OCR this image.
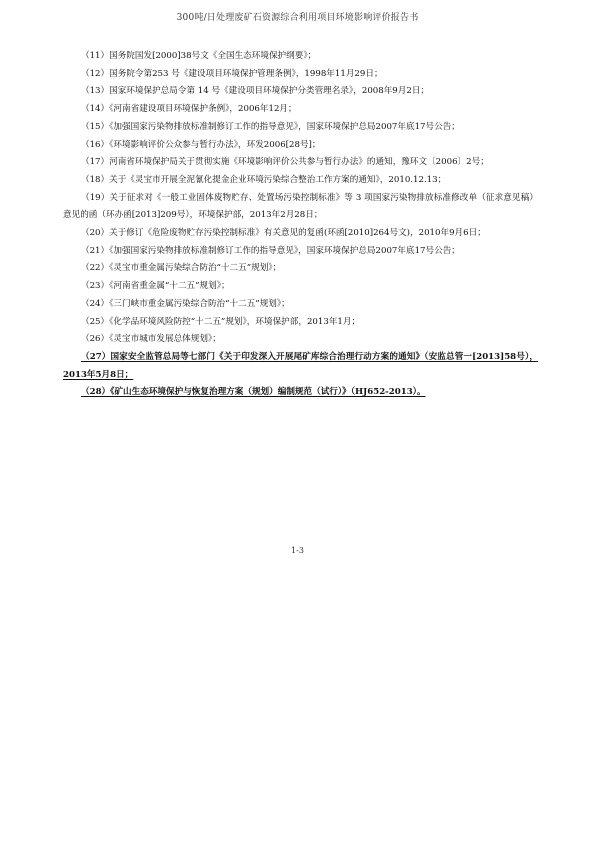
300吨/日处理废矿石资源综合利用项目环境影响评价报告书

（11）国务院国发[2000]38号文《全国生态环境保护纲要》；

（12）国务院令第253 号《建设项目环境保护管理条例》，1998年11月29日；

（13）国家环境保护总局令第 14 号《建设项目环境保护分类管理名录》，2008年9月2日；

（14）《河南省建设项目环境保护条例》，2006年12月；

（15）《加强国家污染物排放标准制修订工作的指导意见》，国家环境保护总局2007年底17号公告；

（16）《环境影响评价公众参与暂行办法》，环发2006[28号]；

（17）河南省环境保护局关于贯彻实施《环境影响评价公共参与暂行办法》的通知，豫环文〔2006〕2号；

（18）关于《灵宝市开展全泥氰化提金企业环境污染综合整治工作方案的通知》，2010.12.13；

（19）关于征求对《一般工业固体废物贮存、处置场污染控制标准》等 3 项国家污染物排放标准修改单（征求意见稿）意见的函（环办函[2013]209号），环境保护部，2013年2月28日；

（20）关于修订《危险废物贮存污染控制标准》有关意见的复函(环函[2010]264号文)，2010年9月6日；

（21）《加强国家污染物排放标准制修订工作的指导意见》，国家环境保护总局2007年底17号公告；

（22）《灵宝市重金属污染综合防治“十二五”规划》；

（23）《河南省重金属“十二五”规划》；

（24）《三门峡市重金属污染综合防治“十二五”规划》；

（25）《化学品环境风险防控“十二五”规划》，环境保护部，2013年1月；

（26）《灵宝市城市发展总体规划》；

（27）国家安全监管总局等七部门《关于印发深入开展尾矿库综合治理行动方案的通知》（安监总管一[2013]58号），2013年5月8日；

（28）《矿山生态环境保护与恢复治理方案（规划）编制规范（试行）》（HJ652-2013）。

1-3
